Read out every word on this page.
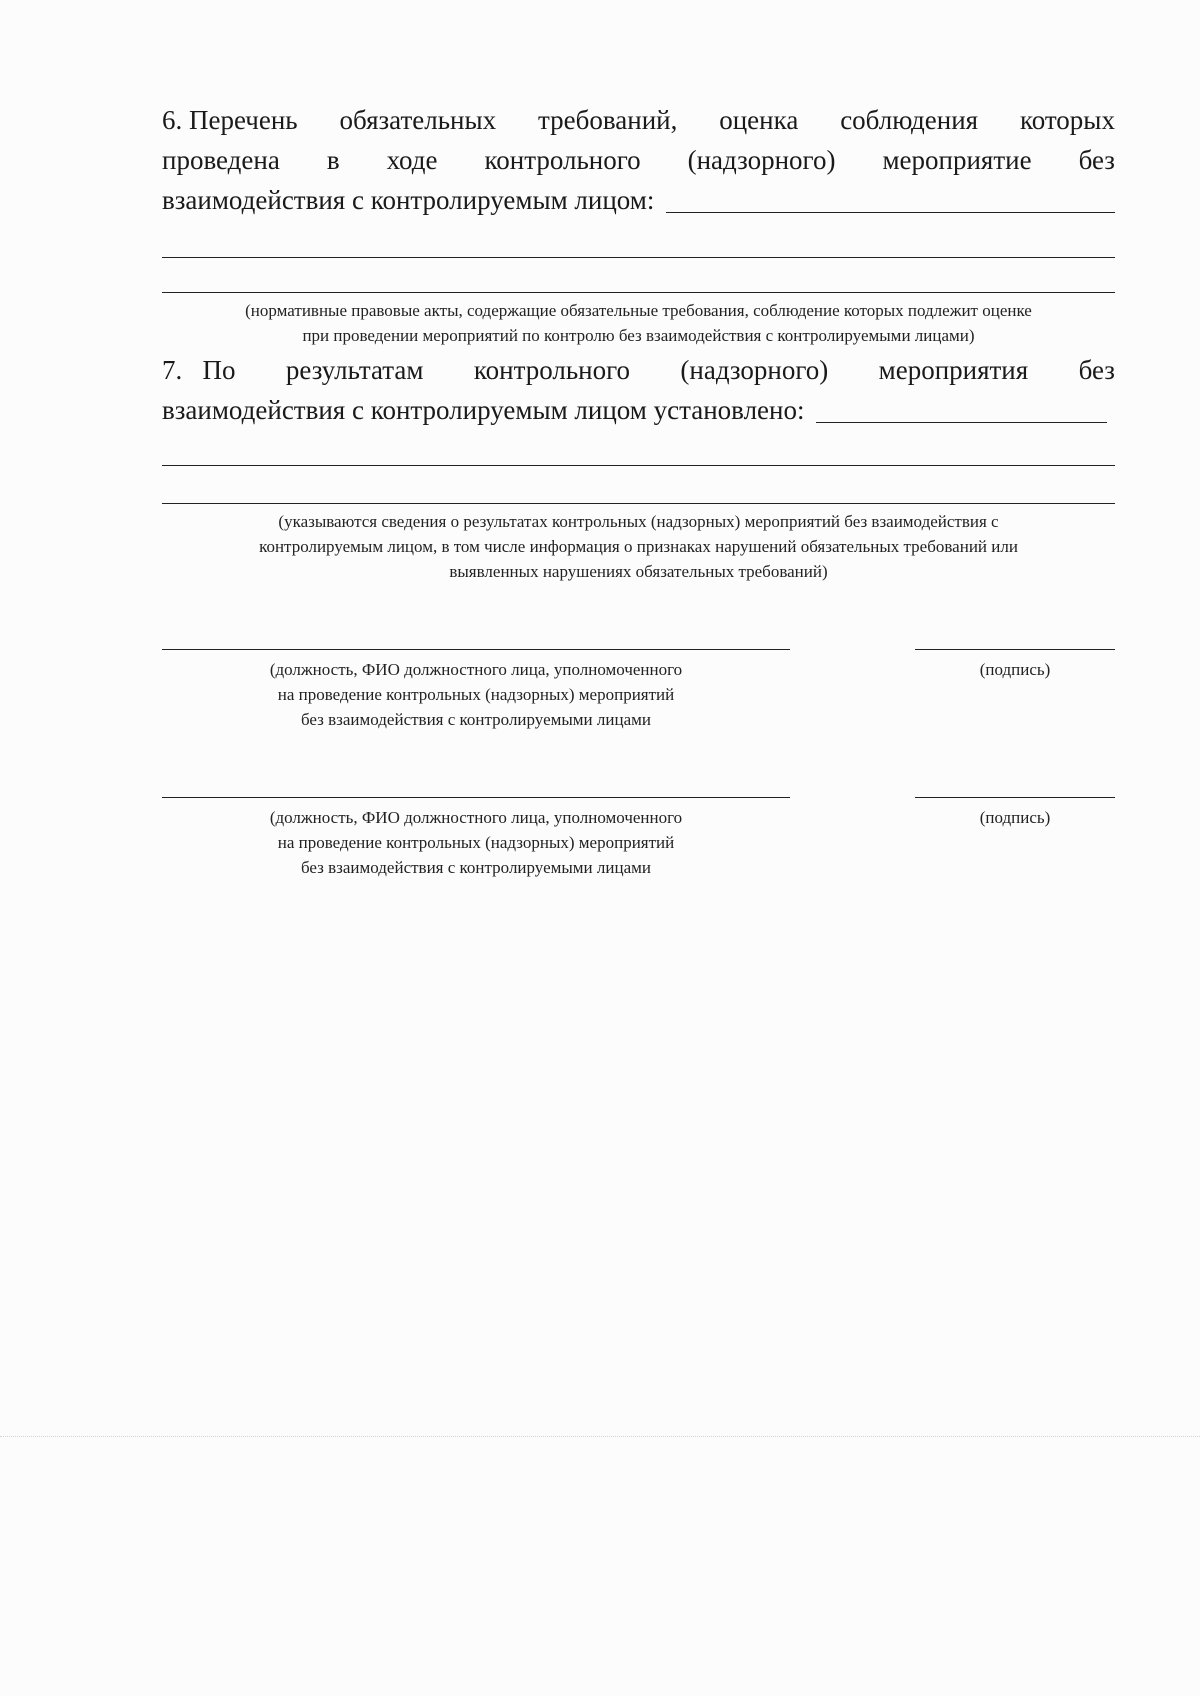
6. Перечень обязательных требований, оценка соблюдения которых
проведена в ходе контрольного (надзорного) мероприятие без
взаимодействия с контролируемым лицом:
(нормативные правовые акты, содержащие обязательные требования, соблюдение которых подлежит оценке
при проведении мероприятий по контролю без взаимодействия с контролируемыми лицами)
7. По результатам контрольного (надзорного) мероприятия без
взаимодействия с контролируемым лицом установлено:
(указываются сведения о результатах контрольных (надзорных) мероприятий без взаимодействия с
контролируемым лицом, в том числе информация о признаках нарушений обязательных требований или
выявленных нарушениях обязательных требований)
(должность, ФИО должностного лица, уполномоченного
на проведение контрольных (надзорных) мероприятий
без взаимодействия с контролируемыми лицами
(подпись)
(должность, ФИО должностного лица, уполномоченного
на проведение контрольных (надзорных) мероприятий
без взаимодействия с контролируемыми лицами
(подпись)
